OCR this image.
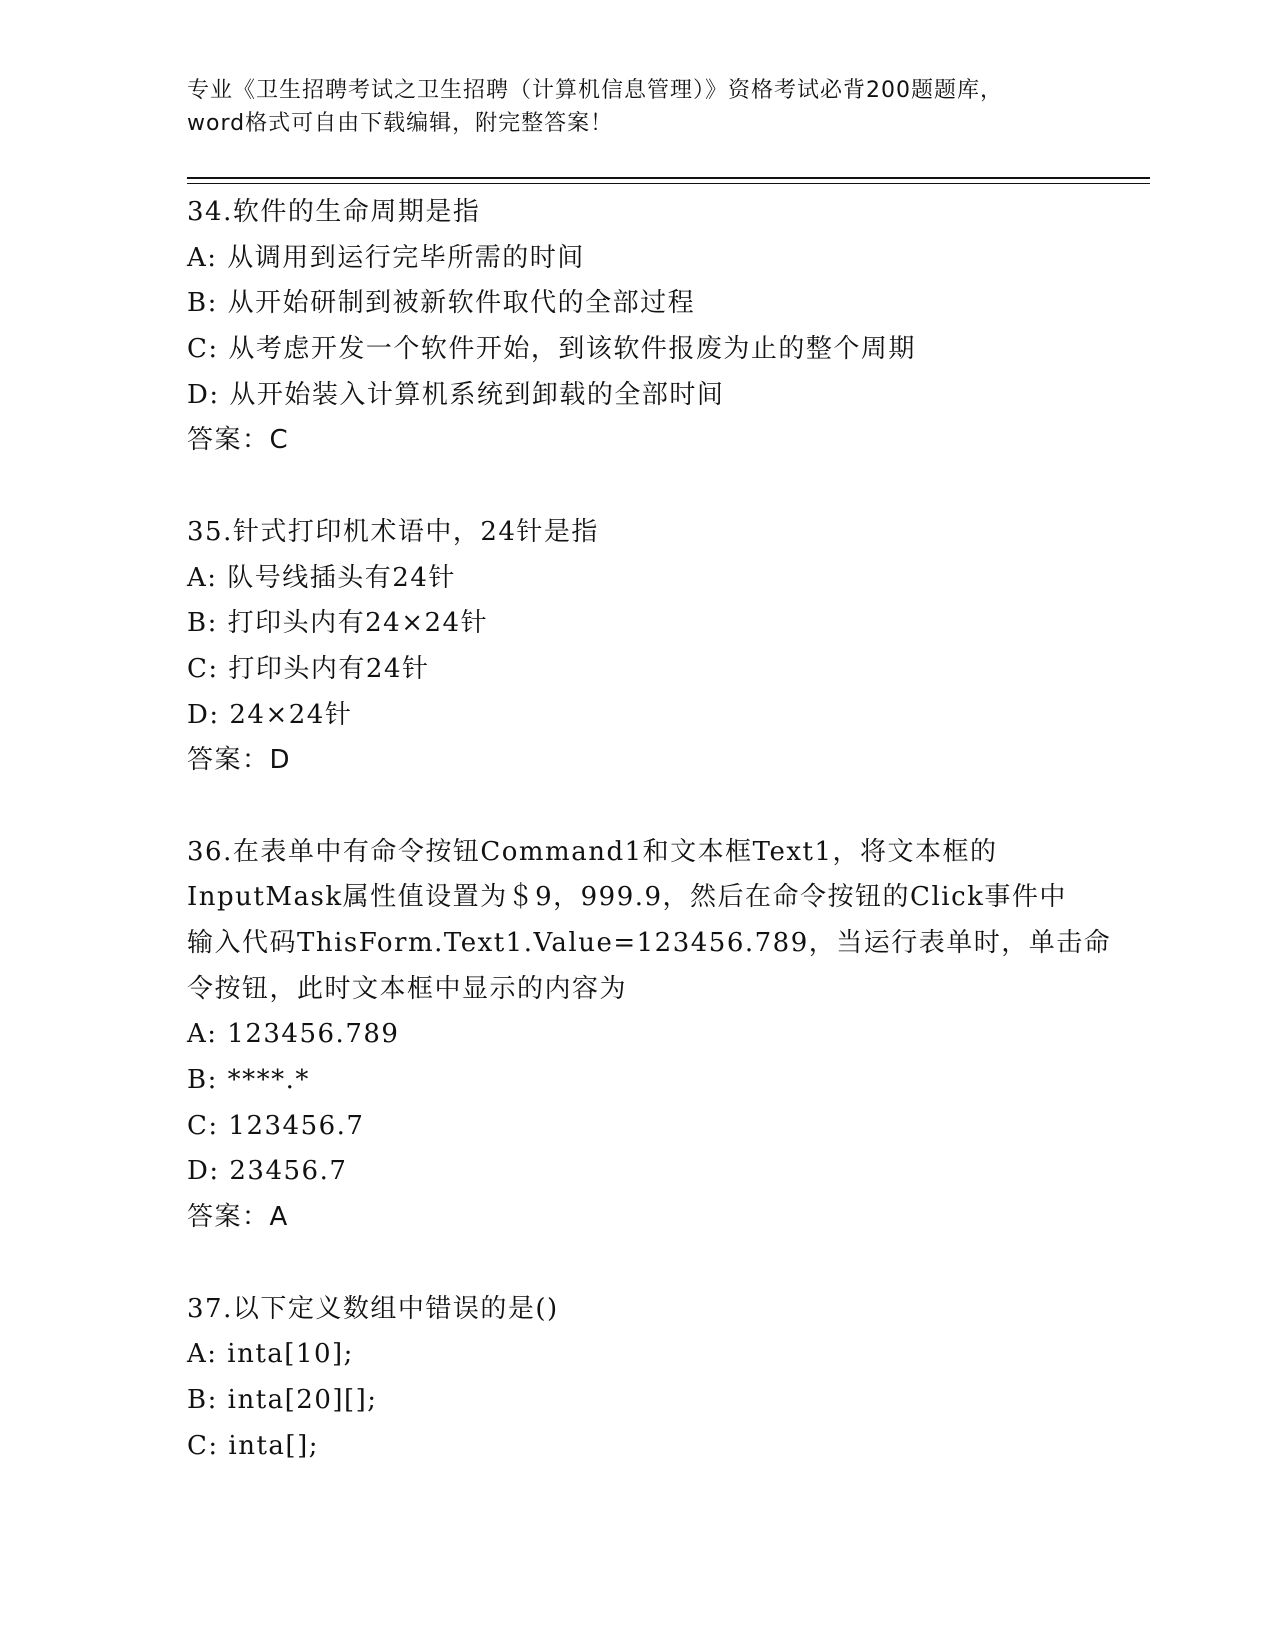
专业《卫生招聘考试之卫生招聘（计算机信息管理）》资格考试必背200题题库，
word格式可自由下载编辑，附完整答案！
34.软件的生命周期是指
A: 从调用到运行完毕所需的时间
B: 从开始研制到被新软件取代的全部过程
C: 从考虑开发一个软件开始，到该软件报废为止的整个周期
D: 从开始装入计算机系统到卸载的全部时间
答案：C
35.针式打印机术语中，24针是指
A: 队号线插头有24针
B: 打印头内有24×24针
C: 打印头内有24针
D: 24×24针
答案：D
36.在表单中有命令按钮Command1和文本框Text1，将文本框的
InputMask属性值设置为＄9，999.9，然后在命令按钮的Click事件中
输入代码ThisForm.Text1.Value=123456.789，当运行表单时，单击命
令按钮，此时文本框中显示的内容为
A: 123456.789
B: ****.*
C: 123456.7
D: 23456.7
答案：A
37.以下定义数组中错误的是()
A: inta[10];
B: inta[20][];
C: inta[];
